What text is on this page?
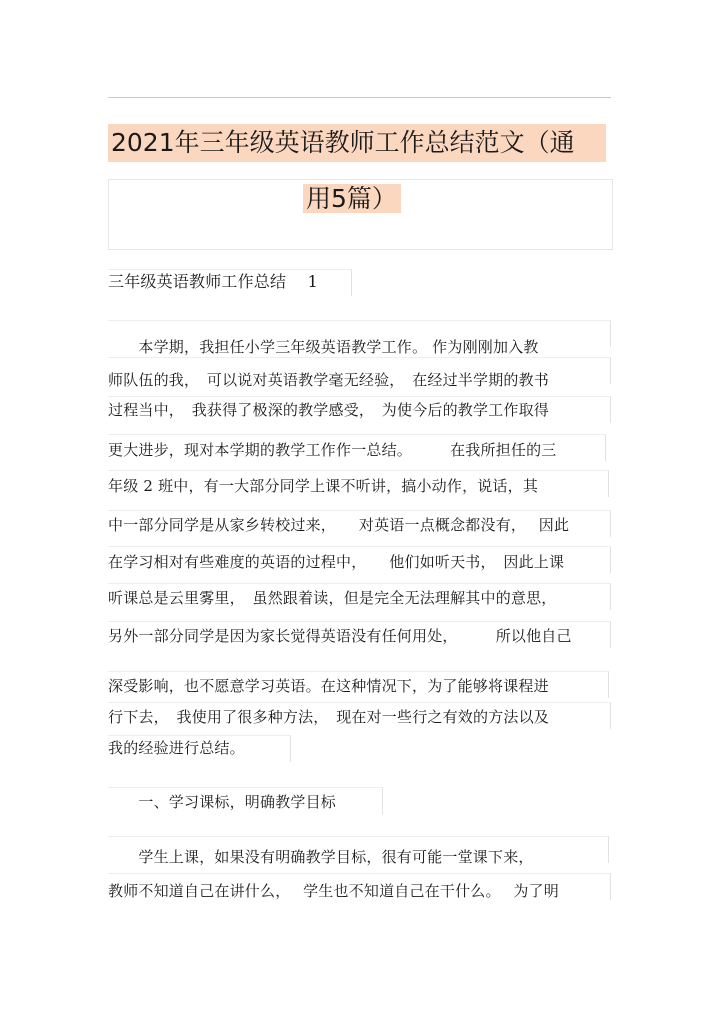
2021年三年级英语教师工作总结范文（通
用5篇）
三年级英语教师工作总结　 1
　　本学期，我担任小学三年级英语教学工作。 作为刚刚加入教
师队伍的我，　可以说对英语教学毫无经验，　在经过半学期的教书
过程当中，　我获得了极深的教学感受，　为使今后的教学工作取得
更大进步，现对本学期的教学工作作一总结。　　　在我所担任的三
年级 2 班中，有一大部分同学上课不听讲，搞小动作，说话，其
中一部分同学是从家乡转校过来，　　对英语一点概念都没有，　 因此
在学习相对有些难度的英语的过程中，　　他们如听天书，　因此上课
听课总是云里雾里，　虽然跟着读，但是完全无法理解其中的意思，
另外一部分同学是因为家长觉得英语没有任何用处，　　　所以他自己
深受影响，也不愿意学习英语。在这种情况下，为了能够将课程进
行下去，　我使用了很多种方法，　现在对一些行之有效的方法以及
我的经验进行总结。
　　一、学习课标，明确教学目标
　　学生上课，如果没有明确教学目标，很有可能一堂课下来，
教师不知道自己在讲什么，　 学生也不知道自己在干什么。　 为了明
